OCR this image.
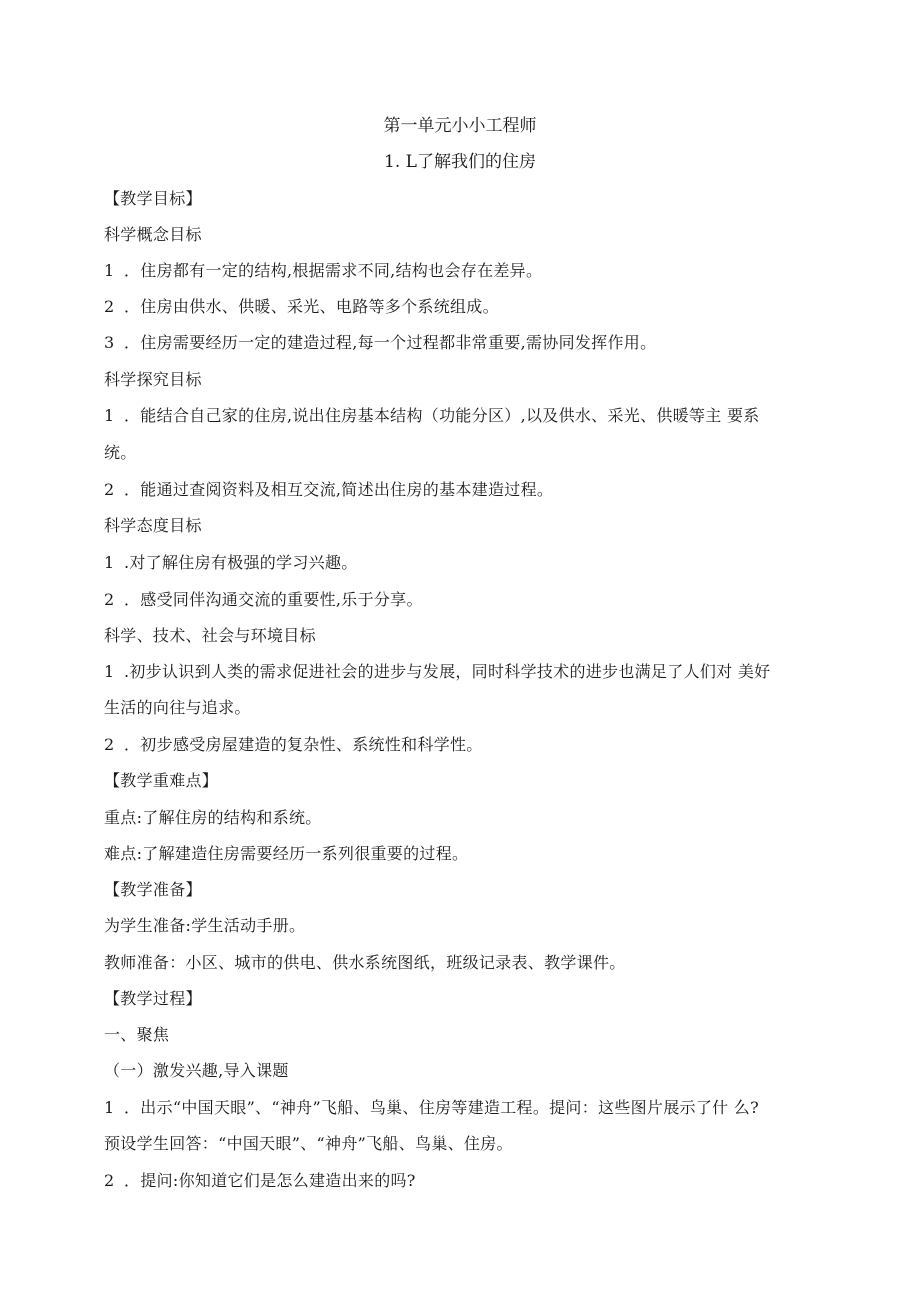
第一单元小小工程师
1. L了解我们的住房
【教学目标】
科学概念目标
1 ．住房都有一定的结构,根据需求不同,结构也会存在差异。
2 ．住房由供水、供暖、采光、电路等多个系统组成。
3 ．住房需要经历一定的建造过程,每一个过程都非常重要,需协同发挥作用。
科学探究目标
1 ．能结合自己家的住房,说出住房基本结构（功能分区）,以及供水、采光、供暖等主 要系
统。
2 ．能通过查阅资料及相互交流,简述出住房的基本建造过程。
科学态度目标
1 .对了解住房有极强的学习兴趣。
2 ．感受同伴沟通交流的重要性,乐于分享。
科学、技术、社会与环境目标
1 .初步认识到人类的需求促进社会的进步与发展，同时科学技术的进步也满足了人们对 美好
生活的向往与追求。
2 ．初步感受房屋建造的复杂性、系统性和科学性。
【教学重难点】
重点:了解住房的结构和系统。
难点:了解建造住房需要经历一系列很重要的过程。
【教学准备】
为学生准备:学生活动手册。
教师准备：小区、城市的供电、供水系统图纸，班级记录表、教学课件。
【教学过程】
一、聚焦
（一）激发兴趣,导入课题
1 ．出示“中国天眼”、“神舟”飞船、鸟巢、住房等建造工程。提问：这些图片展示了什 么?
预设学生回答：“中国天眼”、“神舟”飞船、鸟巢、住房。
2 ．提问:你知道它们是怎么建造出来的吗?
